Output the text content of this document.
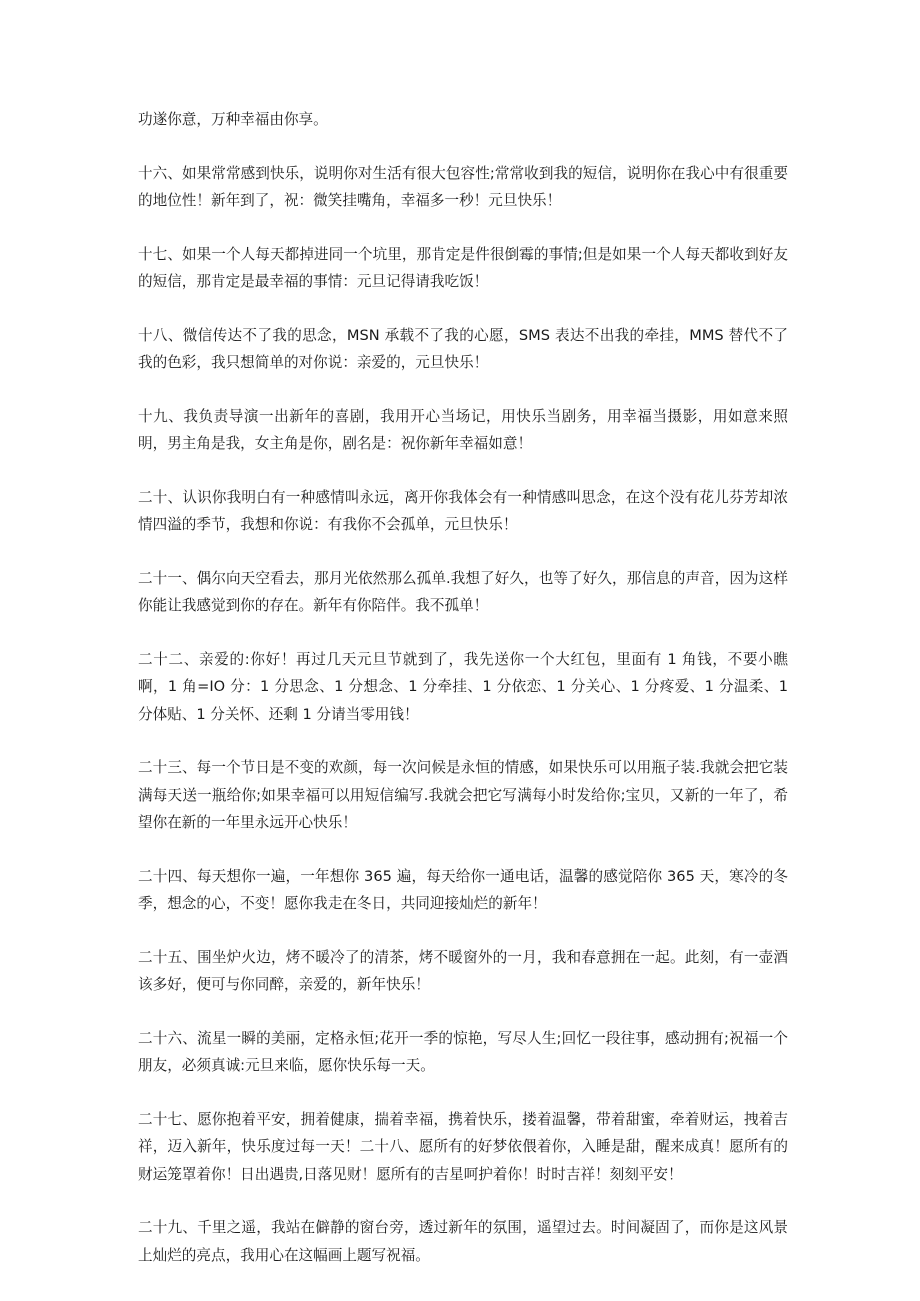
功遂你意，万种幸福由你享。

十六、如果常常感到快乐，说明你对生活有很大包容性;常常收到我的短信，说明你在我心中有很重要的地位性！新年到了，祝：微笑挂嘴角，幸福多一秒！元旦快乐！

十七、如果一个人每天都掉进同一个坑里，那肯定是件很倒霉的事情;但是如果一个人每天都收到好友的短信，那肯定是最幸福的事情：元旦记得请我吃饭！

十八、微信传达不了我的思念，MSN 承载不了我的心愿，SMS 表达不出我的牵挂，MMS 替代不了我的色彩，我只想简单的对你说：亲爱的，元旦快乐！

十九、我负责导演一出新年的喜剧，我用开心当场记，用快乐当剧务，用幸福当摄影，用如意来照明，男主角是我，女主角是你，剧名是：祝你新年幸福如意！

二十、认识你我明白有一种感情叫永远，离开你我体会有一种情感叫思念，在这个没有花儿芬芳却浓情四溢的季节，我想和你说：有我你不会孤单，元旦快乐！

二十一、偶尔向天空看去，那月光依然那么孤单.我想了好久，也等了好久，那信息的声音，因为这样你能让我感觉到你的存在。新年有你陪伴。我不孤单！

二十二、亲爱的:你好！再过几天元旦节就到了，我先送你一个大红包，里面有 1 角钱，不要小瞧啊，1 角=IO 分：1 分思念、1 分想念、1 分牵挂、1 分依恋、1 分关心、1 分疼爱、1 分温柔、1 分体贴、1 分关怀、还剩 1 分请当零用钱！

二十三、每一个节日是不变的欢颜，每一次问候是永恒的情感，如果快乐可以用瓶子装.我就会把它装满每天送一瓶给你;如果幸福可以用短信编写.我就会把它写满每小时发给你;宝贝，又新的一年了，希望你在新的一年里永远开心快乐！

二十四、每天想你一遍，一年想你 365 遍，每天给你一通电话，温馨的感觉陪你 365 天，寒冷的冬季，想念的心，不变！愿你我走在冬日，共同迎接灿烂的新年！

二十五、围坐炉火边，烤不暖冷了的清茶，烤不暖窗外的一月，我和春意拥在一起。此刻，有一壶酒该多好，便可与你同醉，亲爱的，新年快乐！

二十六、流星一瞬的美丽，定格永恒;花开一季的惊艳，写尽人生;回忆一段往事，感动拥有;祝福一个朋友，必须真诚:元旦来临，愿你快乐每一天。

二十七、愿你抱着平安，拥着健康，揣着幸福，携着快乐，搂着温馨，带着甜蜜，牵着财运，拽着吉祥，迈入新年，快乐度过每一天！二十八、愿所有的好梦依偎着你，入睡是甜，醒来成真！愿所有的财运笼罩着你！日出遇贵,日落见财！愿所有的吉星呵护着你！时时吉祥！刻刻平安！

二十九、千里之遥，我站在僻静的窗台旁，透过新年的氛围，遥望过去。时间凝固了，而你是这风景上灿烂的亮点，我用心在这幅画上题写祝福。
